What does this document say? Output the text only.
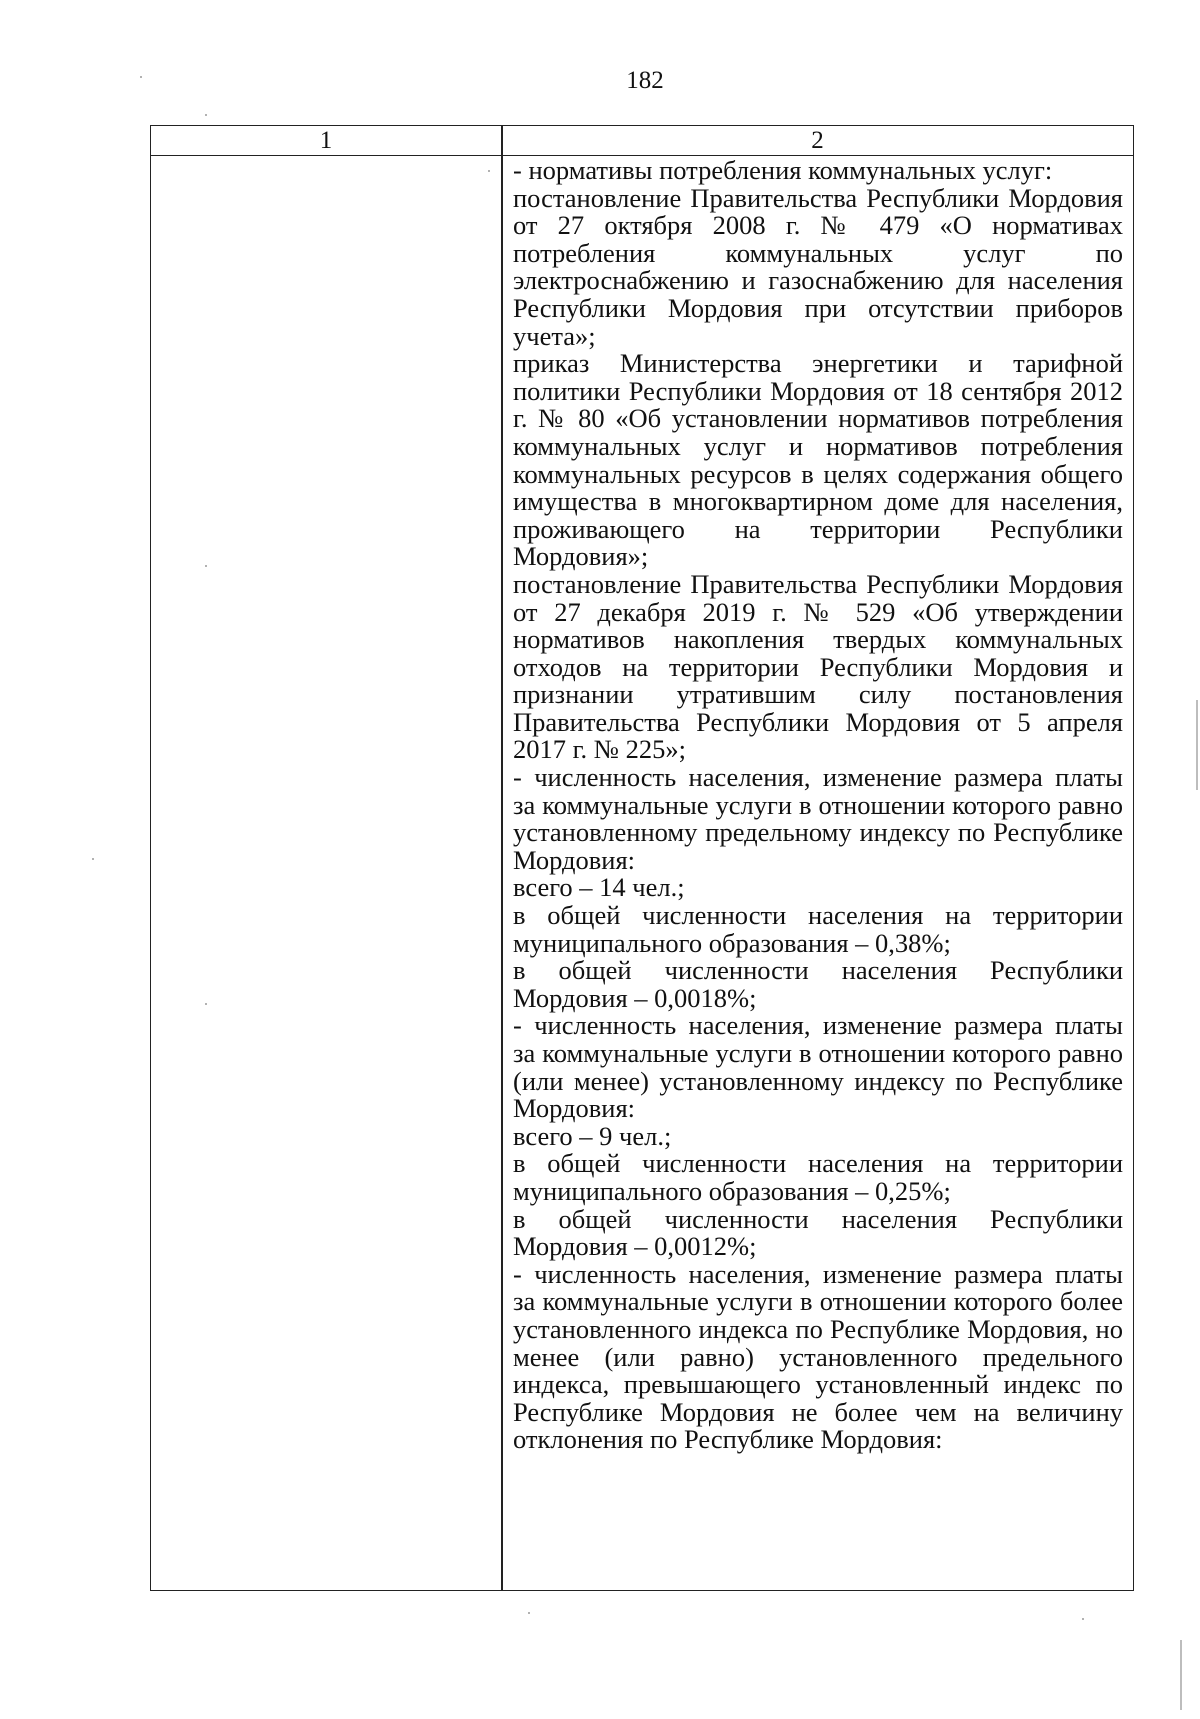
182
1	2

- нормативы потребления коммунальных услуг:

постановление Правительства Республики Мордовия от 27 октября 2008 г. № 479 «О нормативах потребления коммунальных услуг по электроснабжению и газоснабжению для населения Республики Мордовия при отсутствии приборов учета»;

приказ Министерства энергетики и тарифной политики Республики Мордовия от 18 сентября 2012 г. № 80 «Об установлении нормативов потребления коммунальных услуг и нормативов потребления коммунальных ресурсов в целях содержания общего имущества в многоквартирном доме для населения, проживающего на территории Республики Мордовия»;

постановление Правительства Республики Мордовия от 27 декабря 2019 г. № 529 «Об утверждении нормативов накопления твердых коммунальных отходов на территории Республики Мордовия и признании утратившим силу постановления Правительства Республики Мордовия от 5 апреля 2017 г. № 225»;

- численность населения, изменение размера платы за коммунальные услуги в отношении которого равно установленному предельному индексу по Республике Мордовия:

всего – 14 чел.;

в общей численности населения на территории муниципального образования – 0,38%;

в общей численности населения Республики Мордовия – 0,0018%;

- численность населения, изменение размера платы за коммунальные услуги в отношении которого равно (или менее) установленному индексу по Республике Мордовия:

всего – 9 чел.;

в общей численности населения на территории муниципального образования – 0,25%;

в общей численности населения Республики Мордовия – 0,0012%;

- численность населения, изменение размера платы за коммунальные услуги в отношении которого более установленного индекса по Республике Мордовия, но менее (или равно) установленного предельного индекса, превышающего установленный индекс по Республике Мордовия не более чем на величину отклонения по Республике Мордовия:
